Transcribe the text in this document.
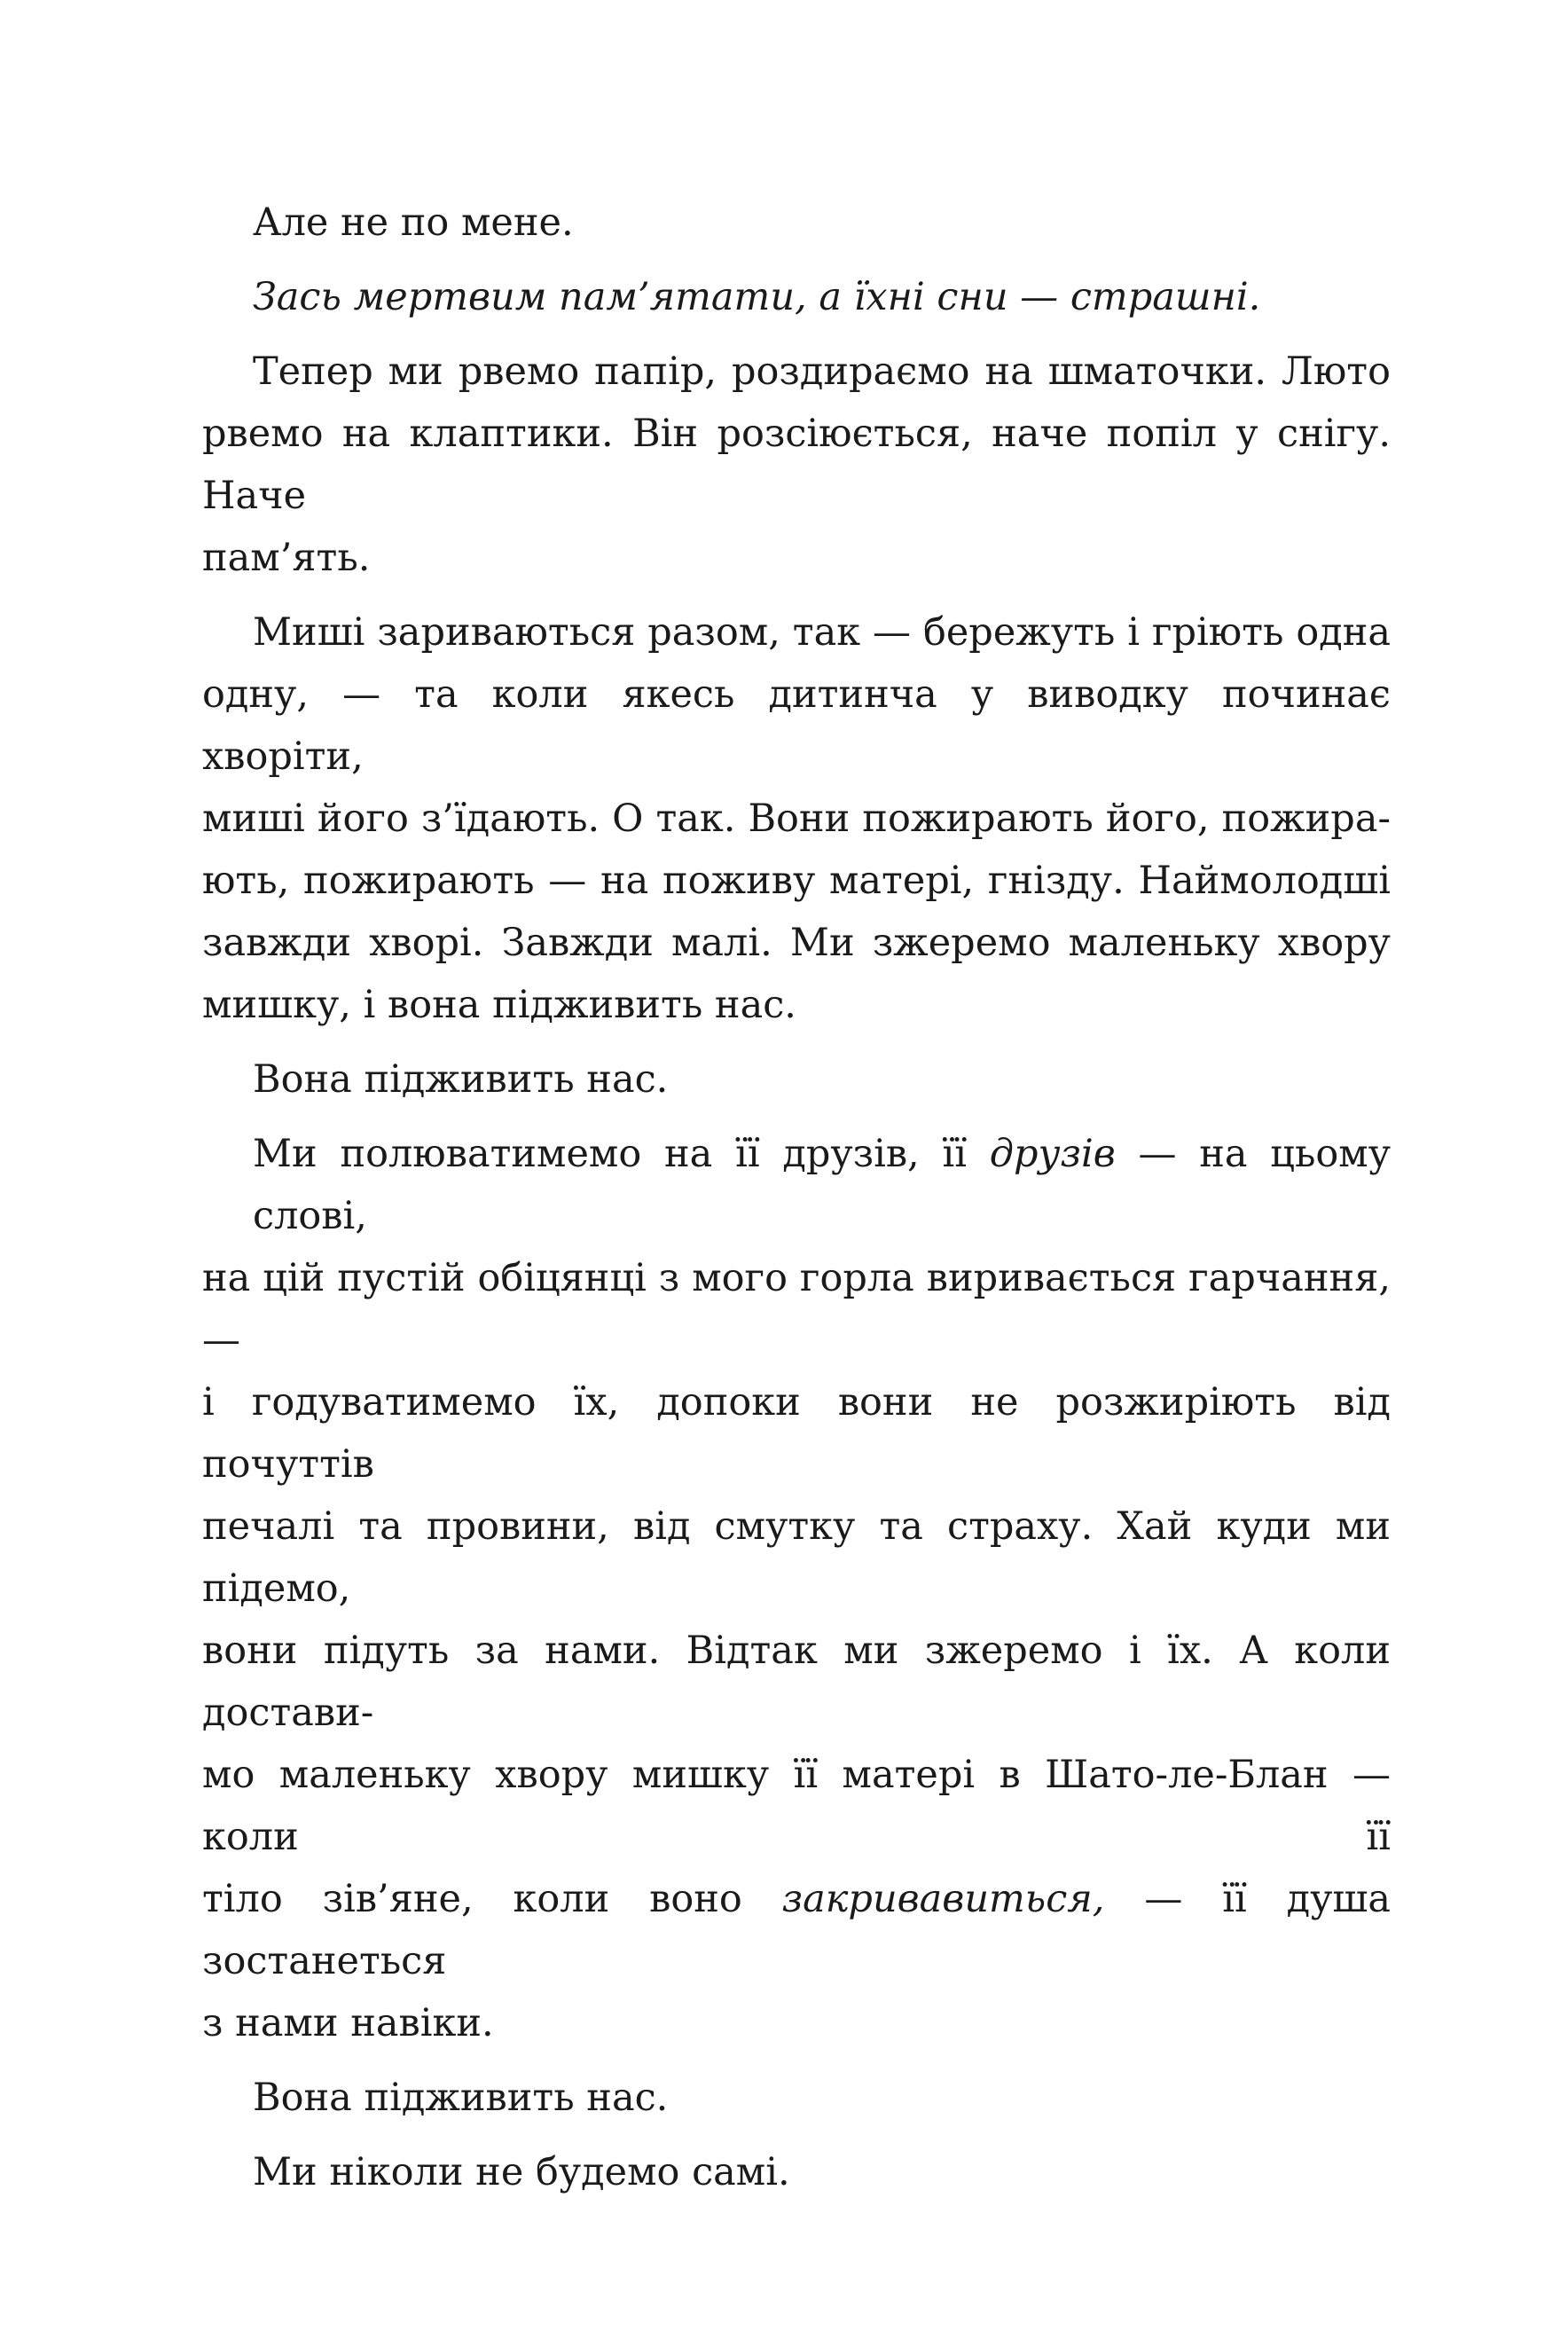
Але не по мене.
Зась мертвим пам’ятати, а їхні сни — страшні.
Тепер ми рвемо папір, роздираємо на шматочки. Люто
рвемо на клаптики. Він розсіюється, наче попіл у снігу. Наче
пам’ять.
Миші зариваються разом, так — бережуть і гріють одна
одну, — та коли якесь дитинча у виводку починає хворіти,
миші його з’їдають. О так. Вони пожирають його, пожира-
ють, пожирають — на поживу матері, гнізду. Наймолодші
завжди хворі. Завжди малі. Ми зжеремо маленьку хвору
мишку, і вона підживить нас.
Вона підживить нас.
Ми полюватимемо на її друзів, її друзів — на цьому слові,
на цій пустій обіцянці з мого горла виривається гарчання, —
і годуватимемо їх, допоки вони не розжиріють від почуттів
печалі та провини, від смутку та страху. Хай куди ми підемо,
вони підуть за нами. Відтак ми зжеремо і їх. А коли достави-
мо маленьку хвору мишку її матері в Шато-ле-Блан — коли її
тіло зів’яне, коли воно закривавиться, — її душа зостанеться
з нами навіки.
Вона підживить нас.
Ми ніколи не будемо самі.
